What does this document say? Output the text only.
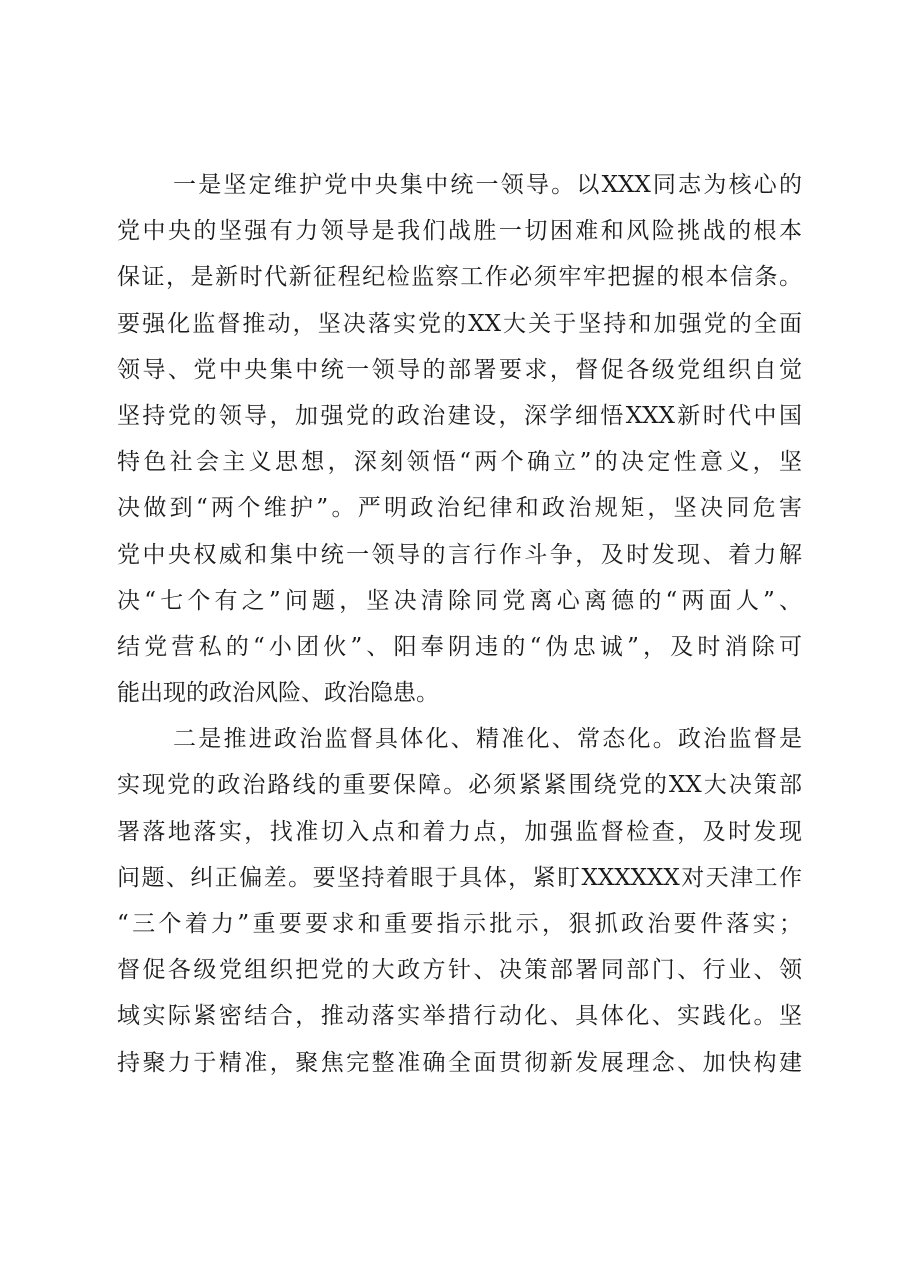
一是坚定维护党中央集中统一领导。以XXX同志为核心的
党中央的坚强有力领导是我们战胜一切困难和风险挑战的根本
保证，是新时代新征程纪检监察工作必须牢牢把握的根本信条。
要强化监督推动，坚决落实党的XX大关于坚持和加强党的全面
领导、党中央集中统一领导的部署要求，督促各级党组织自觉
坚持党的领导，加强党的政治建设，深学细悟XXX新时代中国
特色社会主义思想，深刻领悟“两个确立”的决定性意义，坚
决做到“两个维护”。严明政治纪律和政治规矩，坚决同危害
党中央权威和集中统一领导的言行作斗争，及时发现、着力解
决“七个有之”问题，坚决清除同党离心离德的“两面人”、
结党营私的“小团伙”、阳奉阴违的“伪忠诚”，及时消除可
能出现的政治风险、政治隐患。

二是推进政治监督具体化、精准化、常态化。政治监督是
实现党的政治路线的重要保障。必须紧紧围绕党的XX大决策部
署落地落实，找准切入点和着力点，加强监督检查，及时发现
问题、纠正偏差。要坚持着眼于具体，紧盯XXXXXX对天津工作
“三个着力”重要要求和重要指示批示，狠抓政治要件落实；
督促各级党组织把党的大政方针、决策部署同部门、行业、领
域实际紧密结合，推动落实举措行动化、具体化、实践化。坚
持聚力于精准，聚焦完整准确全面贯彻新发展理念、加快构建
